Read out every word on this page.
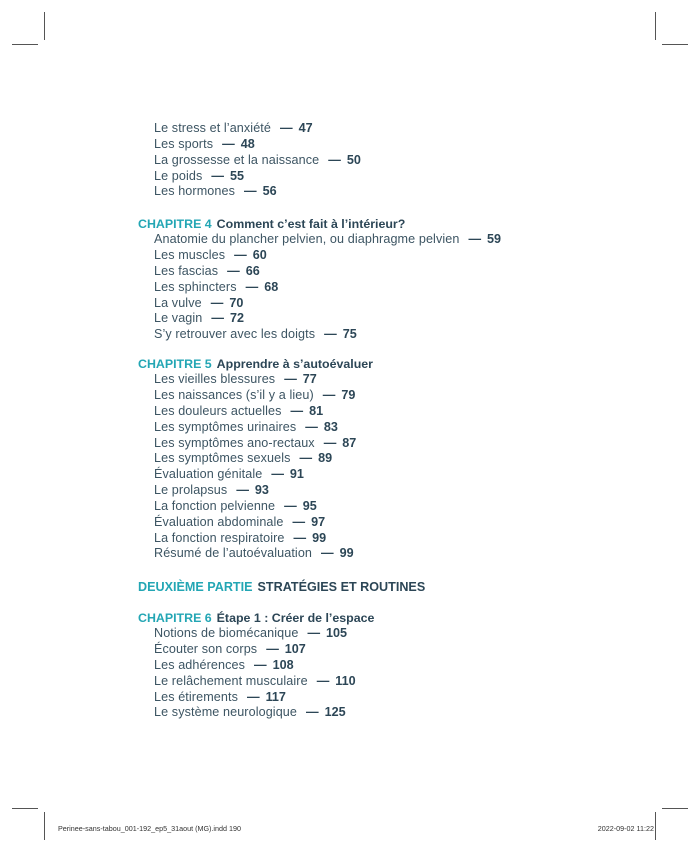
Le stress et l’anxiété — 47
Les sports — 48
La grossesse et la naissance — 50
Le poids — 55
Les hormones — 56
CHAPITRE 4 Comment c’est fait à l’intérieur?
Anatomie du plancher pelvien, ou diaphragme pelvien — 59
Les muscles — 60
Les fascias — 66
Les sphincters — 68
La vulve — 70
Le vagin — 72
S’y retrouver avec les doigts — 75
CHAPITRE 5 Apprendre à s’autoévaluer
Les vieilles blessures — 77
Les naissances (s’il y a lieu) — 79
Les douleurs actuelles — 81
Les symptômes urinaires — 83
Les symptômes ano-rectaux — 87
Les symptômes sexuels — 89
Évaluation génitale — 91
Le prolapsus — 93
La fonction pelvienne — 95
Évaluation abdominale — 97
La fonction respiratoire — 99
Résumé de l’autoévaluation — 99
DEUXIÈME PARTIE STRATÉGIES ET ROUTINES
CHAPITRE 6 Étape 1 : Créer de l’espace
Notions de biomécanique — 105
Écouter son corps — 107
Les adhérences — 108
Le relâchement musculaire — 110
Les étirements — 117
Le système neurologique — 125
Perinee-sans-tabou_001-192_ep5_31aout (MG).indd 190	2022-09-02 11:22
